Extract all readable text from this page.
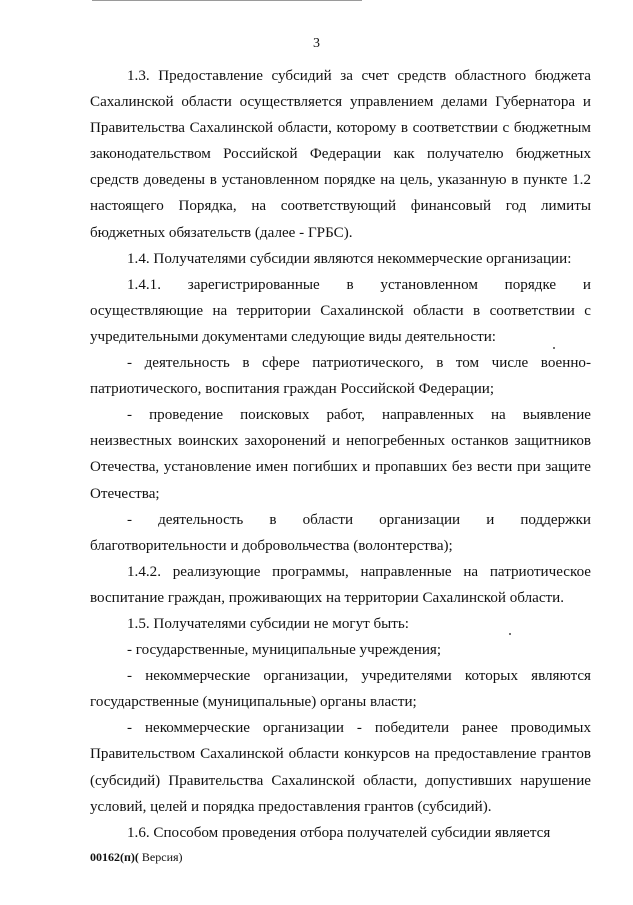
3

1.3. Предоставление субсидий за счет средств областного бюджета Сахалинской области осуществляется управлением делами Губернатора и Правительства Сахалинской области, которому в соответствии с бюджетным законодательством Российской Федерации как получателю бюджетных средств доведены в установленном порядке на цель, указанную в пункте 1.2 настоящего Порядка, на соответствующий финансовый год лимиты бюджетных обязательств (далее - ГРБС).

1.4. Получателями субсидии являются некоммерческие организации:

1.4.1. зарегистрированные в установленном порядке и осуществляющие на территории Сахалинской области в соответствии с учредительными документами следующие виды деятельности:

- деятельность в сфере патриотического, в том числе военно-патриотического, воспитания граждан Российской Федерации;

- проведение поисковых работ, направленных на выявление неизвестных воинских захоронений и непогребенных останков защитников Отечества, установление имен погибших и пропавших без вести при защите Отечества;

- деятельность в области организации и поддержки благотворительности и добровольчества (волонтерства);

1.4.2. реализующие программы, направленные на патриотическое воспитание граждан, проживающих на территории Сахалинской области.

1.5. Получателями субсидии не могут быть:

- государственные, муниципальные учреждения;

- некоммерческие организации, учредителями которых являются государственные (муниципальные) органы власти;

- некоммерческие организации - победители ранее проводимых Правительством Сахалинской области конкурсов на предоставление грантов (субсидий) Правительства Сахалинской области, допустивших нарушение условий, целей и порядка предоставления грантов (субсидий).

1.6. Способом проведения отбора получателей субсидии является

00162(п)( Версия)
